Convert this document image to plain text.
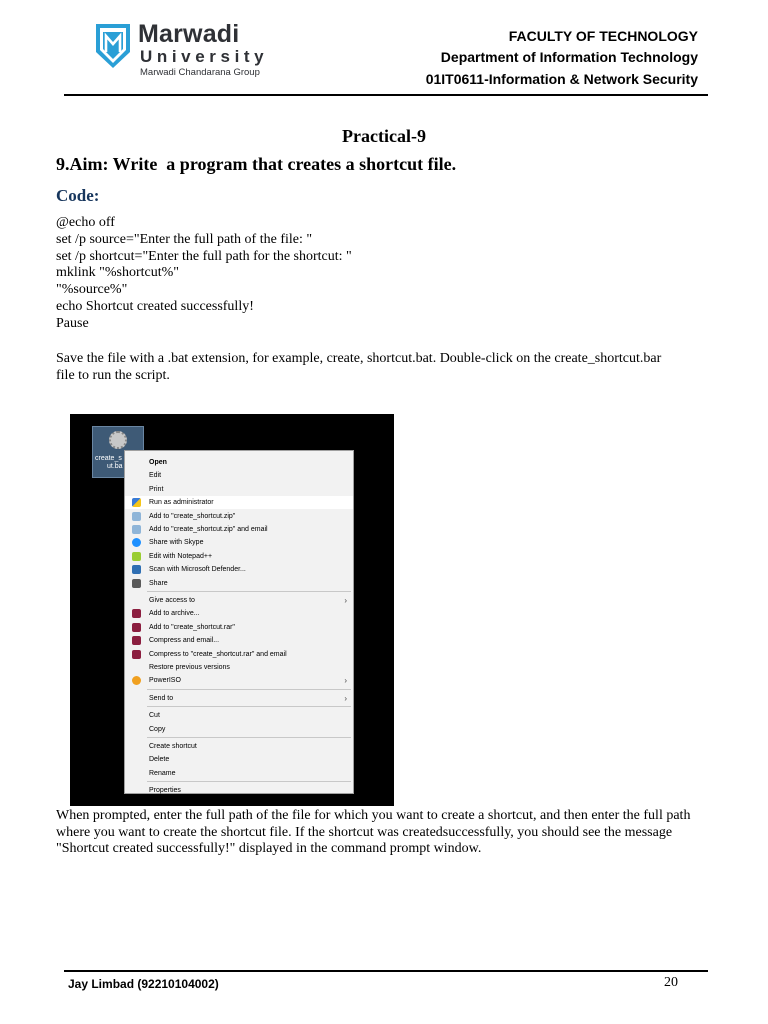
Marwadi
University
Marwadi Chandarana Group
FACULTY OF TECHNOLOGY
Department of Information Technology
01IT0611-Information & Network Security
Practical-9
9.Aim: Write  a program that creates a shortcut file.
Code:
@echo off
set /p source="Enter the full path of the file: "
set /p shortcut="Enter the full path for the shortcut: "
mklink "%shortcut%"
"%source%"
echo Shortcut created successfully!
Pause
Save the file with a .bat extension, for example, create, shortcut.bat. Double-click on the create_shortcut.bar file to run the script.
create_s
ut.ba
Open
Edit
Print
Run as administrator
Add to "create_shortcut.zip"
Add to "create_shortcut.zip" and email
Share with Skype
Edit with Notepad++
Scan with Microsoft Defender...
Share
Give access to	›
Add to archive...
Add to "create_shortcut.rar"
Compress and email...
Compress to "create_shortcut.rar" and email
Restore previous versions
PowerISO	›
Send to	›
Cut
Copy
Create shortcut
Delete
Rename
Properties
When prompted, enter the full path of the file for which you want to create a shortcut, and then enter the full path where you want to create the shortcut file. If the shortcut was createdsuccessfully, you should see the message "Shortcut created successfully!" displayed in the command prompt window.
Jay Limbad (92210104002)	20
